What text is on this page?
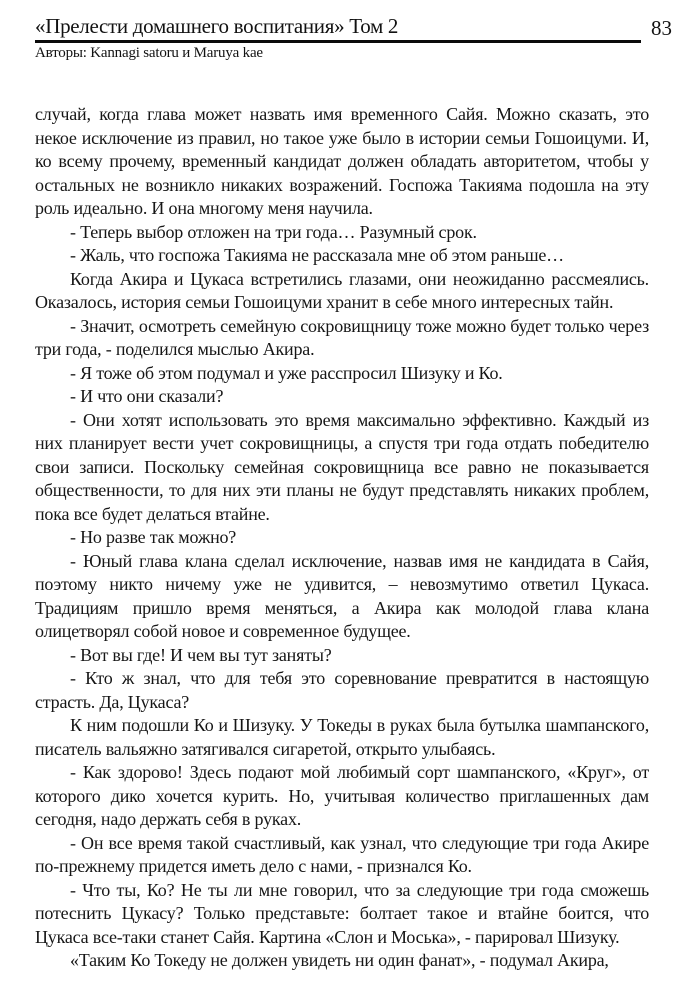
«Прелести домашнего воспитания» Том 2	83
Авторы: Kannagi satoru и Maruya kae

случай, когда глава может назвать имя временного Сайя. Можно сказать, это некое исключение из правил, но такое уже было в истории семьи Гошоицуми. И, ко всему прочему, временный кандидат должен обладать авторитетом, чтобы у остальных не возникло никаких возражений. Госпожа Такияма подошла на эту роль идеально. И она многому меня научила.

- Теперь выбор отложен на три года… Разумный срок.

- Жаль, что госпожа Такияма не рассказала мне об этом раньше…

Когда Акира и Цукаса встретились глазами, они неожиданно рассмеялись. Оказалось, история семьи Гошоицуми хранит в себе много интересных тайн.

- Значит, осмотреть семейную сокровищницу тоже можно будет только через три года, - поделился мыслью Акира.

- Я тоже об этом подумал и уже расспросил Шизуку и Ко.

- И что они сказали?

- Они хотят использовать это время максимально эффективно. Каждый из них планирует вести учет сокровищницы, а спустя три года отдать победителю свои записи. Поскольку семейная сокровищница все равно не показывается общественности, то для них эти планы не будут представлять никаких проблем, пока все будет делаться втайне.

- Но разве так можно?

- Юный глава клана сделал исключение, назвав имя не кандидата в Сайя, поэтому никто ничему уже не удивится, – невозмутимо ответил Цукаса. Традициям пришло время меняться, а Акира как молодой глава клана олицетворял собой новое и современное будущее.

- Вот вы где! И чем вы тут заняты?

- Кто ж знал, что для тебя это соревнование превратится в настоящую страсть. Да, Цукаса?

К ним подошли Ко и Шизуку. У Токеды в руках была бутылка шампанского, писатель вальяжно затягивался сигаретой, открыто улыбаясь.

- Как здорово! Здесь подают мой любимый сорт шампанского, «Круг», от которого дико хочется курить. Но, учитывая количество приглашенных дам сегодня, надо держать себя в руках.

- Он все время такой счастливый, как узнал, что следующие три года Акире по-прежнему придется иметь дело с нами, - признался Ко.

- Что ты, Ко? Не ты ли мне говорил, что за следующие три года сможешь потеснить Цукасу? Только представьте: болтает такое и втайне боится, что Цукаса все-таки станет Сайя. Картина «Слон и Моська», - парировал Шизуку.

«Таким Ко Токеду не должен увидеть ни один фанат», - подумал Акира,
